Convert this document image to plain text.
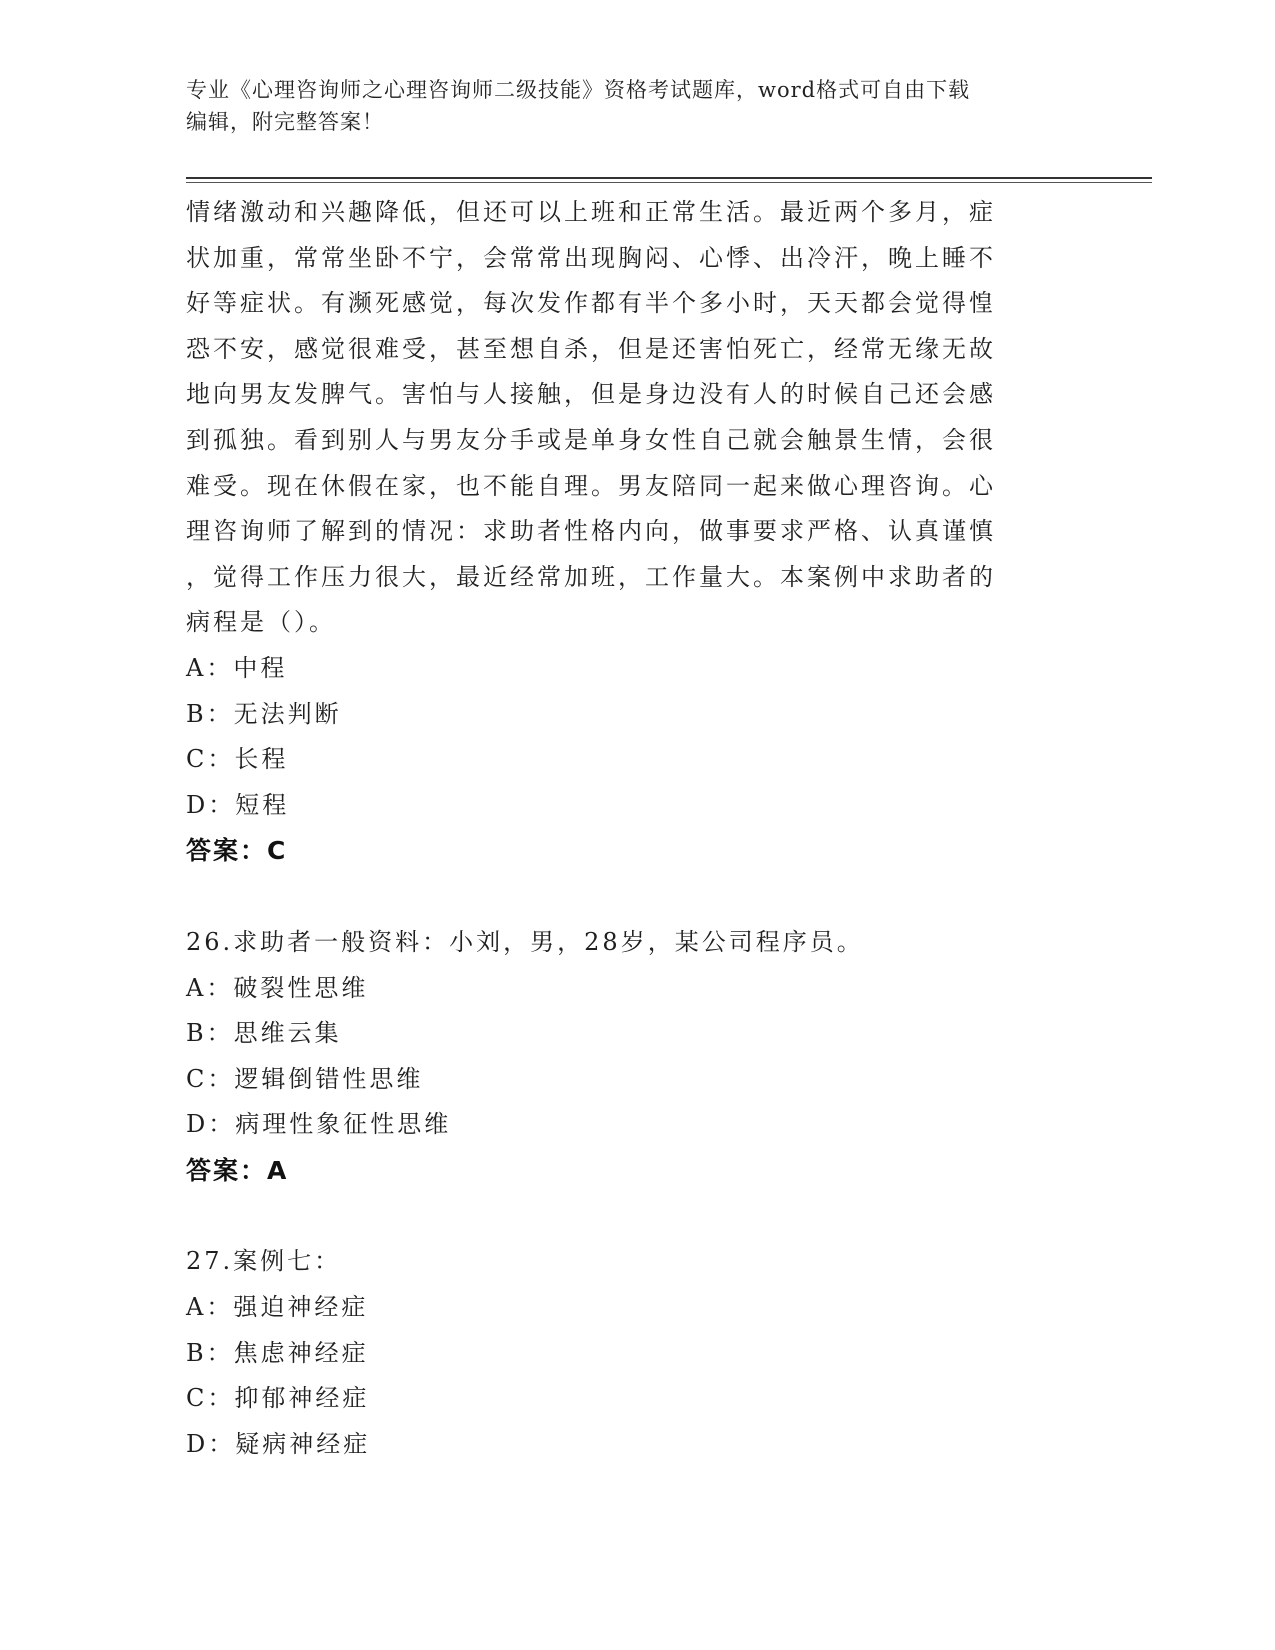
专业《心理咨询师之心理咨询师二级技能》资格考试题库，word格式可自由下载
编辑，附完整答案！
情绪激动和兴趣降低，但还可以上班和正常生活。最近两个多月，症
状加重，常常坐卧不宁，会常常出现胸闷、心悸、出冷汗，晚上睡不
好等症状。有濒死感觉，每次发作都有半个多小时，天天都会觉得惶
恐不安，感觉很难受，甚至想自杀，但是还害怕死亡，经常无缘无故
地向男友发脾气。害怕与人接触，但是身边没有人的时候自己还会感
到孤独。看到别人与男友分手或是单身女性自己就会触景生情，会很
难受。现在休假在家，也不能自理。男友陪同一起来做心理咨询。心
理咨询师了解到的情况：求助者性格内向，做事要求严格、认真谨慎
，觉得工作压力很大，最近经常加班，工作量大。本案例中求助者的
病程是（）。
A：中程
B：无法判断
C：长程
D：短程
答案：C
26.求助者一般资料：小刘，男，28岁，某公司程序员。
A：破裂性思维
B：思维云集
C：逻辑倒错性思维
D：病理性象征性思维
答案：A
27.案例七：
A：强迫神经症
B：焦虑神经症
C：抑郁神经症
D：疑病神经症
